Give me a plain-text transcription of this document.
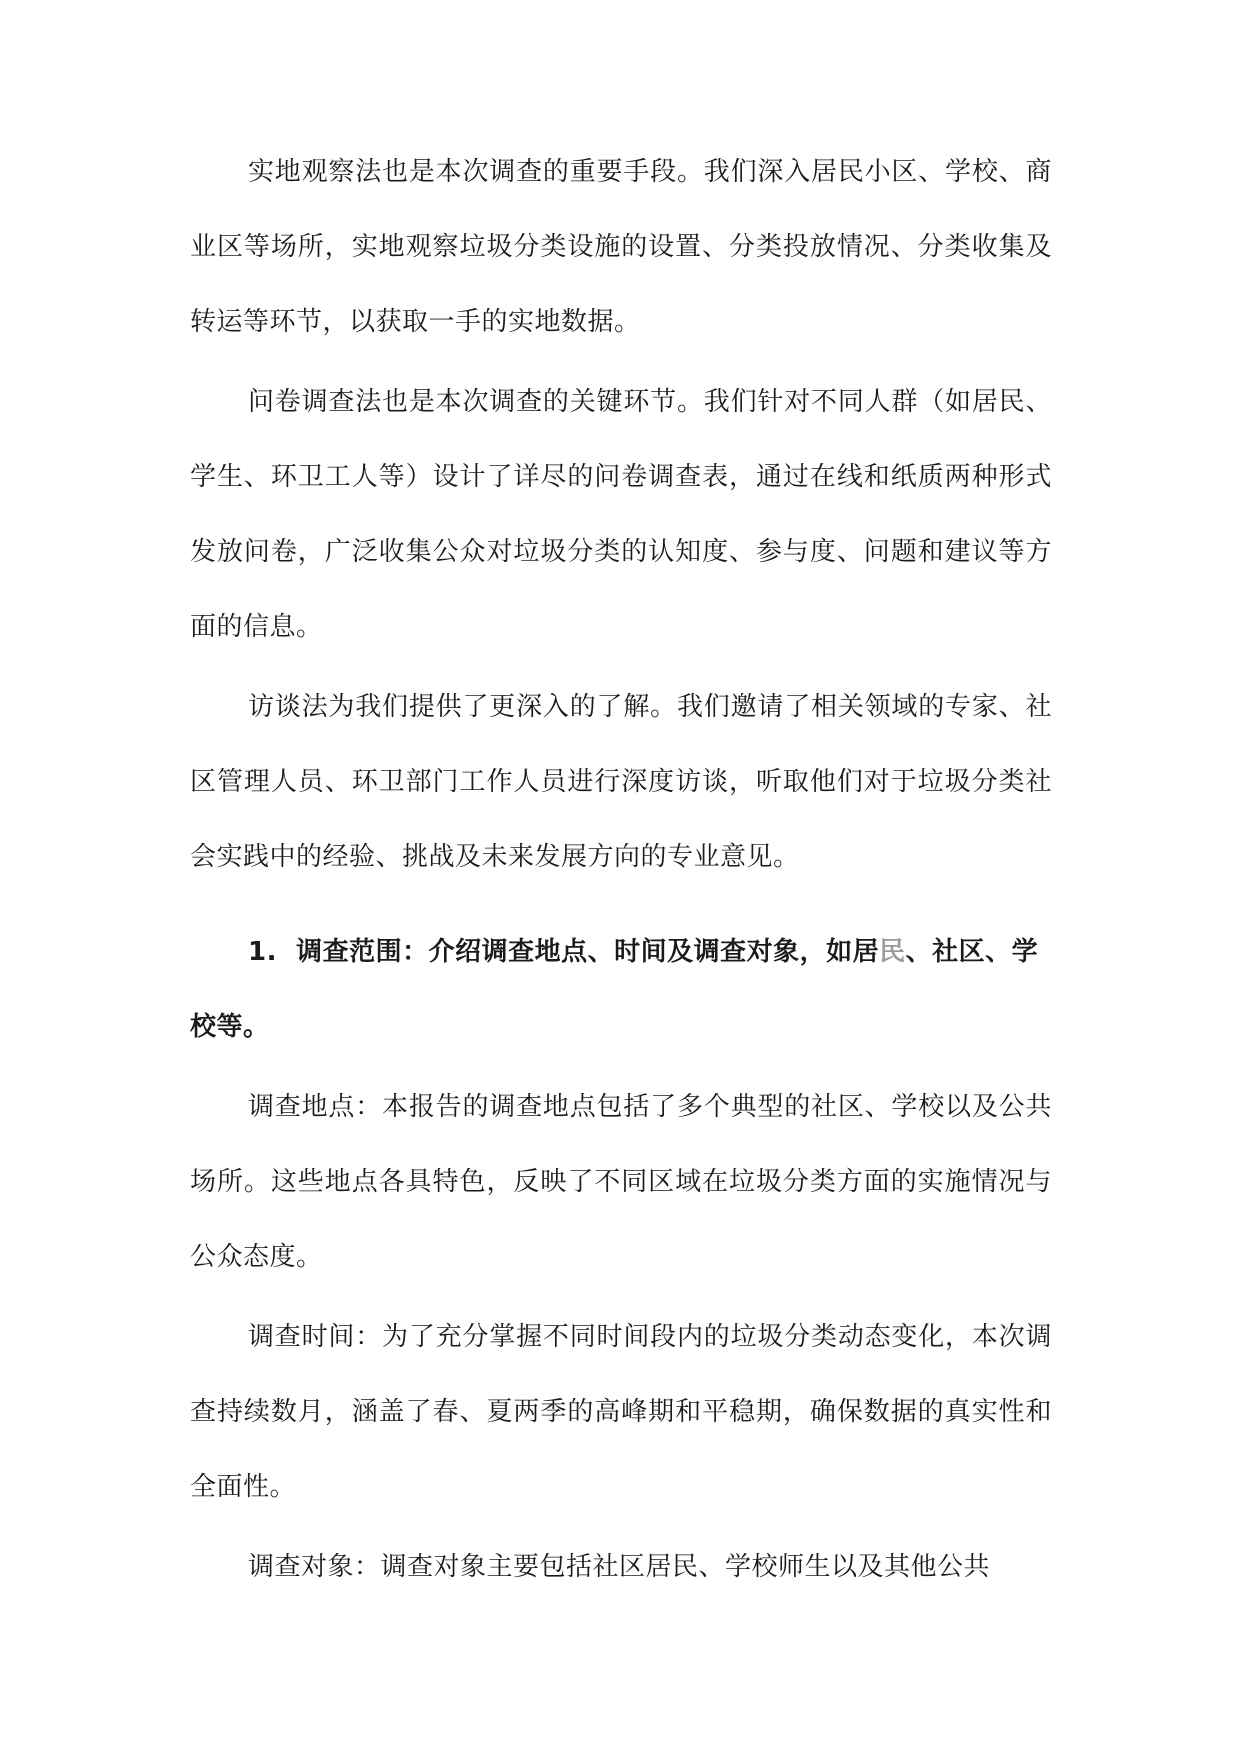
实地观察法也是本次调查的重要手段。我们深入居民小区、学校、商业区等场所，实地观察垃圾分类设施的设置、分类投放情况、分类收集及转运等环节，以获取一手的实地数据。

问卷调查法也是本次调查的关键环节。我们针对不同人群（如居民、学生、环卫工人等）设计了详尽的问卷调查表，通过在线和纸质两种形式发放问卷，广泛收集公众对垃圾分类的认知度、参与度、问题和建议等方面的信息。

访谈法为我们提供了更深入的了解。我们邀请了相关领域的专家、社区管理人员、环卫部门工作人员进行深度访谈，听取他们对于垃圾分类社会实践中的经验、挑战及未来发展方向的专业意见。

1. 调查范围：介绍调查地点、时间及调查对象，如居民、社区、学校等。

调查地点：本报告的调查地点包括了多个典型的社区、学校以及公共场所。这些地点各具特色，反映了不同区域在垃圾分类方面的实施情况与公众态度。

调查时间：为了充分掌握不同时间段内的垃圾分类动态变化，本次调查持续数月，涵盖了春、夏两季的高峰期和平稳期，确保数据的真实性和全面性。

调查对象：调查对象主要包括社区居民、学校师生以及其他公共
